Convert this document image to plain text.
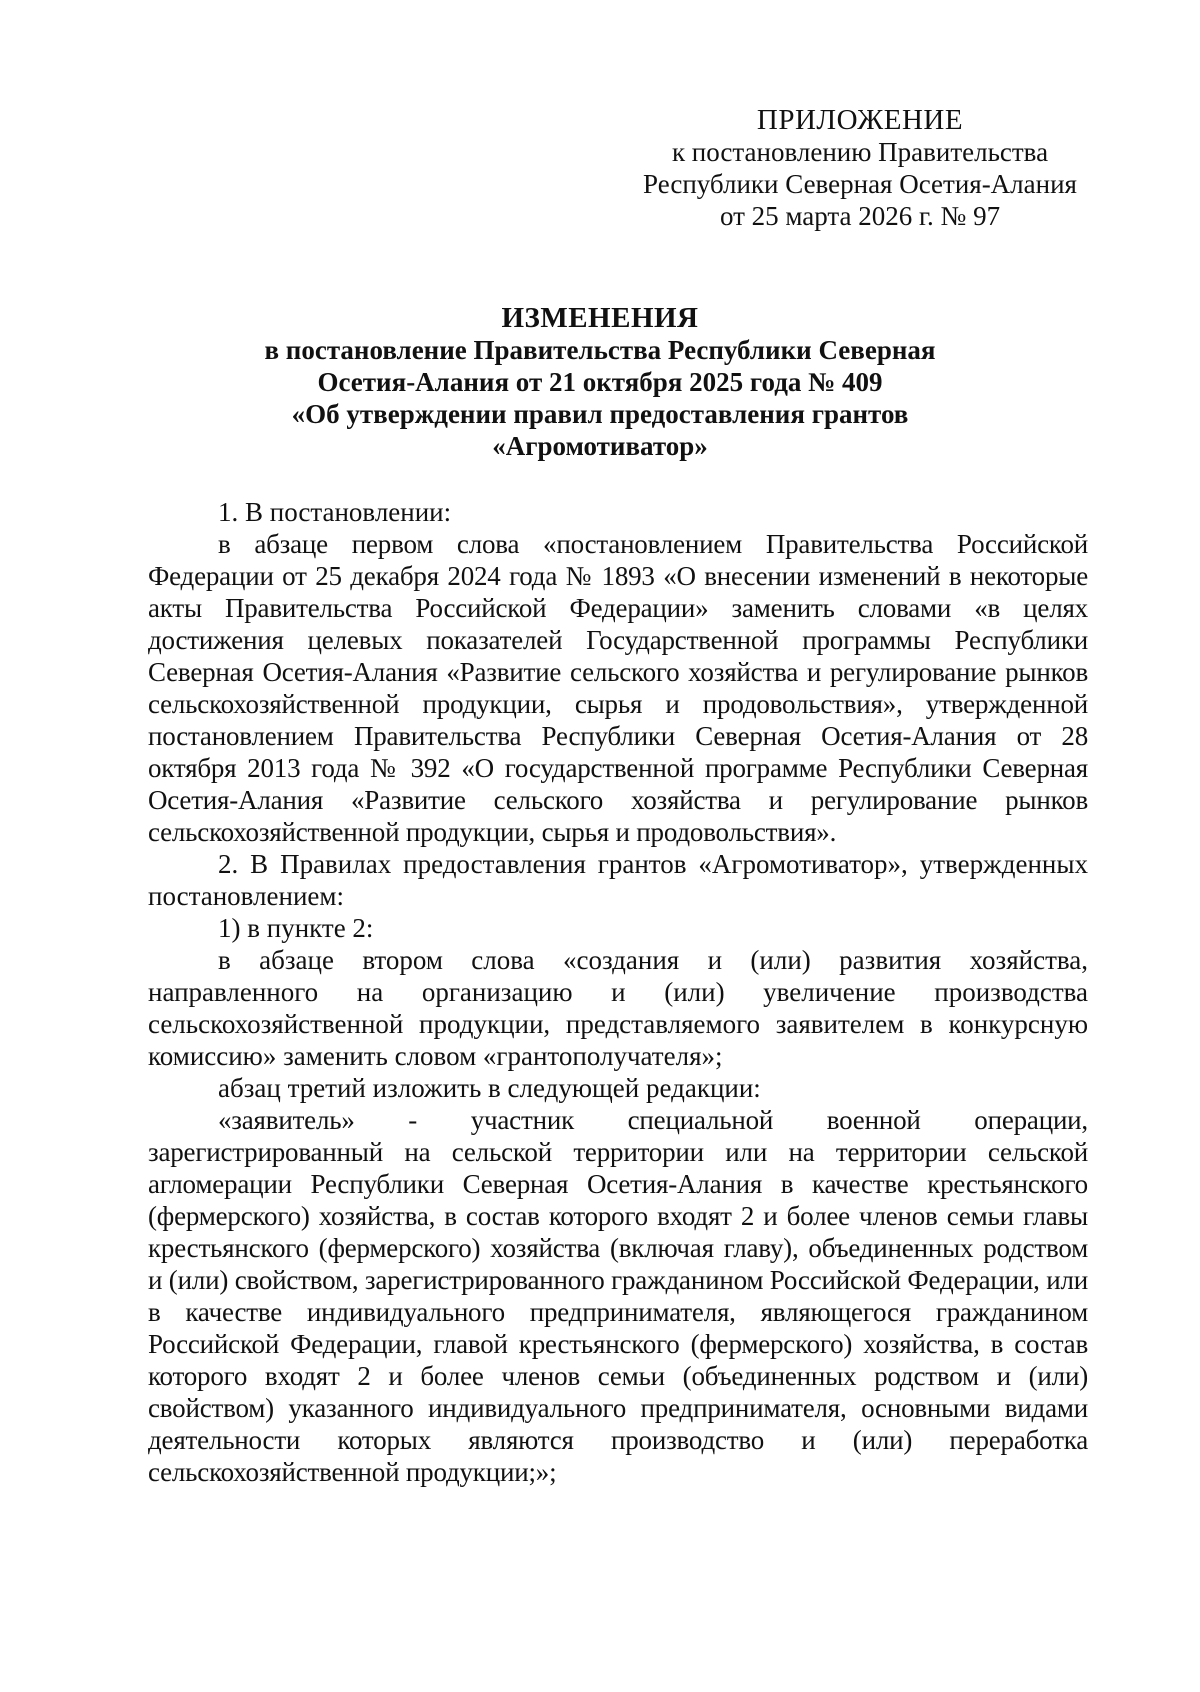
ПРИЛОЖЕНИЕ
к постановлению Правительства
Республики Северная Осетия-Алания
от 25 марта 2026 г. № 97
ИЗМЕНЕНИЯ
в постановление Правительства Республики Северная
Осетия-Алания от 21 октября 2025 года № 409
«Об утверждении правил предоставления грантов
«Агромотиватор»

1. В постановлении:

в абзаце первом слова «постановлением Правительства Российской Федерации от 25 декабря 2024 года № 1893 «О внесении изменений в некоторые акты Правительства Российской Федерации» заменить словами «в целях достижения целевых показателей Государственной программы Республики Северная Осетия-Алания «Развитие сельского хозяйства и регулирование рынков сельскохозяйственной продукции, сырья и продовольствия», утвержденной постановлением Правительства Республики Северная Осетия-Алания от 28 октября 2013 года № 392 «О государственной программе Республики Северная Осетия-Алания «Развитие сельского хозяйства и регулирование рынков сельскохозяйственной продукции, сырья и продовольствия».

2. В Правилах предоставления грантов «Агромотиватор», утвержденных постановлением:

1) в пункте 2:

в абзаце втором слова «создания и (или) развития хозяйства, направленного на организацию и (или) увеличение производства сельскохозяйственной продукции, представляемого заявителем в конкурсную комиссию» заменить словом «грантополучателя»;

абзац третий изложить в следующей редакции:

«заявитель» - участник специальной военной операции, зарегистрированный на сельской территории или на территории сельской агломерации Республики Северная Осетия-Алания в качестве крестьянского (фермерского) хозяйства, в состав которого входят 2 и более членов семьи главы крестьянского (фермерского) хозяйства (включая главу), объединенных родством и (или) свойством, зарегистрированного гражданином Российской Федерации, или в качестве индивидуального предпринимателя, являющегося гражданином Российской Федерации, главой крестьянского (фермерского) хозяйства, в состав которого входят 2 и более членов семьи (объединенных родством и (или) свойством) указанного индивидуального предпринимателя, основными видами деятельности которых являются производство и (или) переработка сельскохозяйственной продукции;»;
